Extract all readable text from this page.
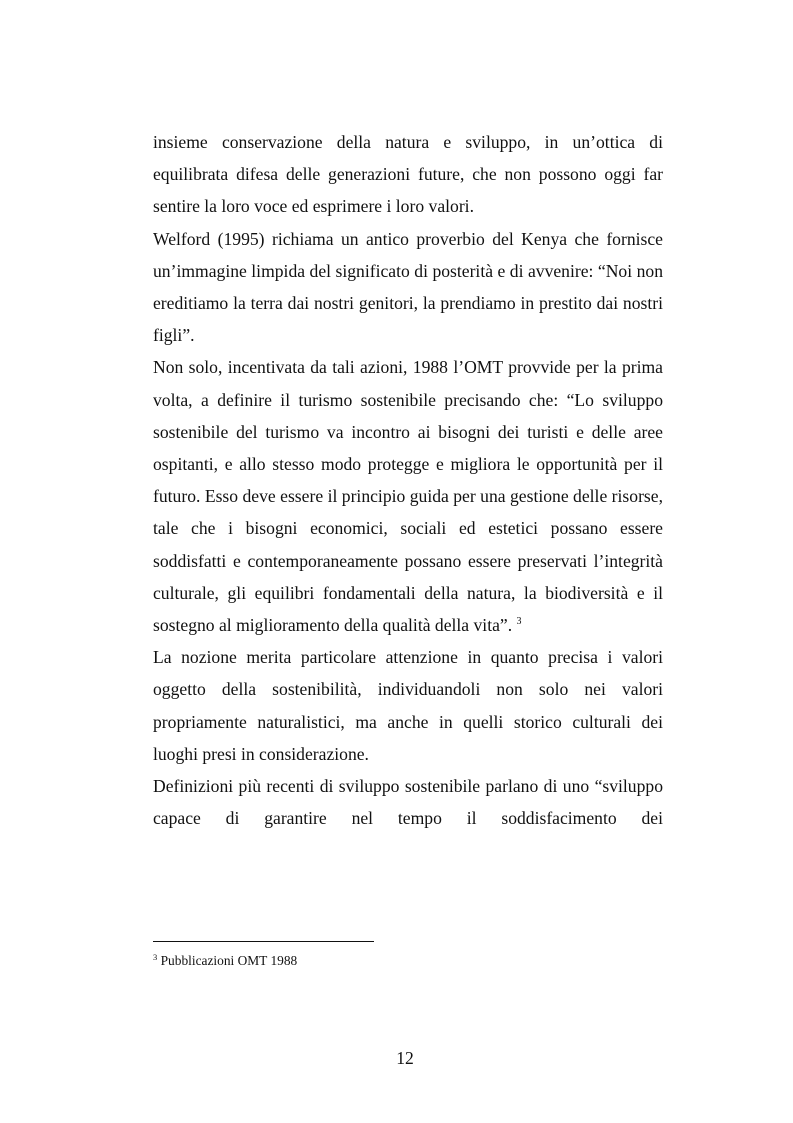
insieme conservazione della natura e sviluppo, in un’ottica di equilibrata difesa delle generazioni future, che non possono oggi far sentire la loro voce ed esprimere i loro valori.

Welford (1995) richiama un antico proverbio del Kenya che fornisce un’immagine limpida del significato di posterità e di avvenire: “Noi non ereditiamo la terra dai nostri genitori, la prendiamo in prestito dai nostri figli”.

Non solo, incentivata da tali azioni, 1988 l’OMT provvide per la prima volta, a definire il turismo sostenibile precisando che: “Lo sviluppo sostenibile del turismo va incontro ai bisogni dei turisti e delle aree ospitanti, e allo stesso modo protegge e migliora le opportunità per il futuro. Esso deve essere il principio guida per una gestione delle risorse, tale che i bisogni economici, sociali ed estetici possano essere soddisfatti e contemporaneamente possano essere preservati l’integrità culturale, gli equilibri fondamentali della natura, la biodiversità e il sostegno al miglioramento della qualità della vita”. $^3$

La nozione merita particolare attenzione in quanto precisa i valori oggetto della sostenibilità, individuandoli non solo nei valori propriamente naturalistici, ma anche in quelli storico culturali dei luoghi presi in considerazione.

Definizioni più recenti di sviluppo sostenibile parlano di uno “sviluppo capace di garantire nel tempo il soddisfacimento dei

$^3$ Pubblicazioni OMT 1988
12
